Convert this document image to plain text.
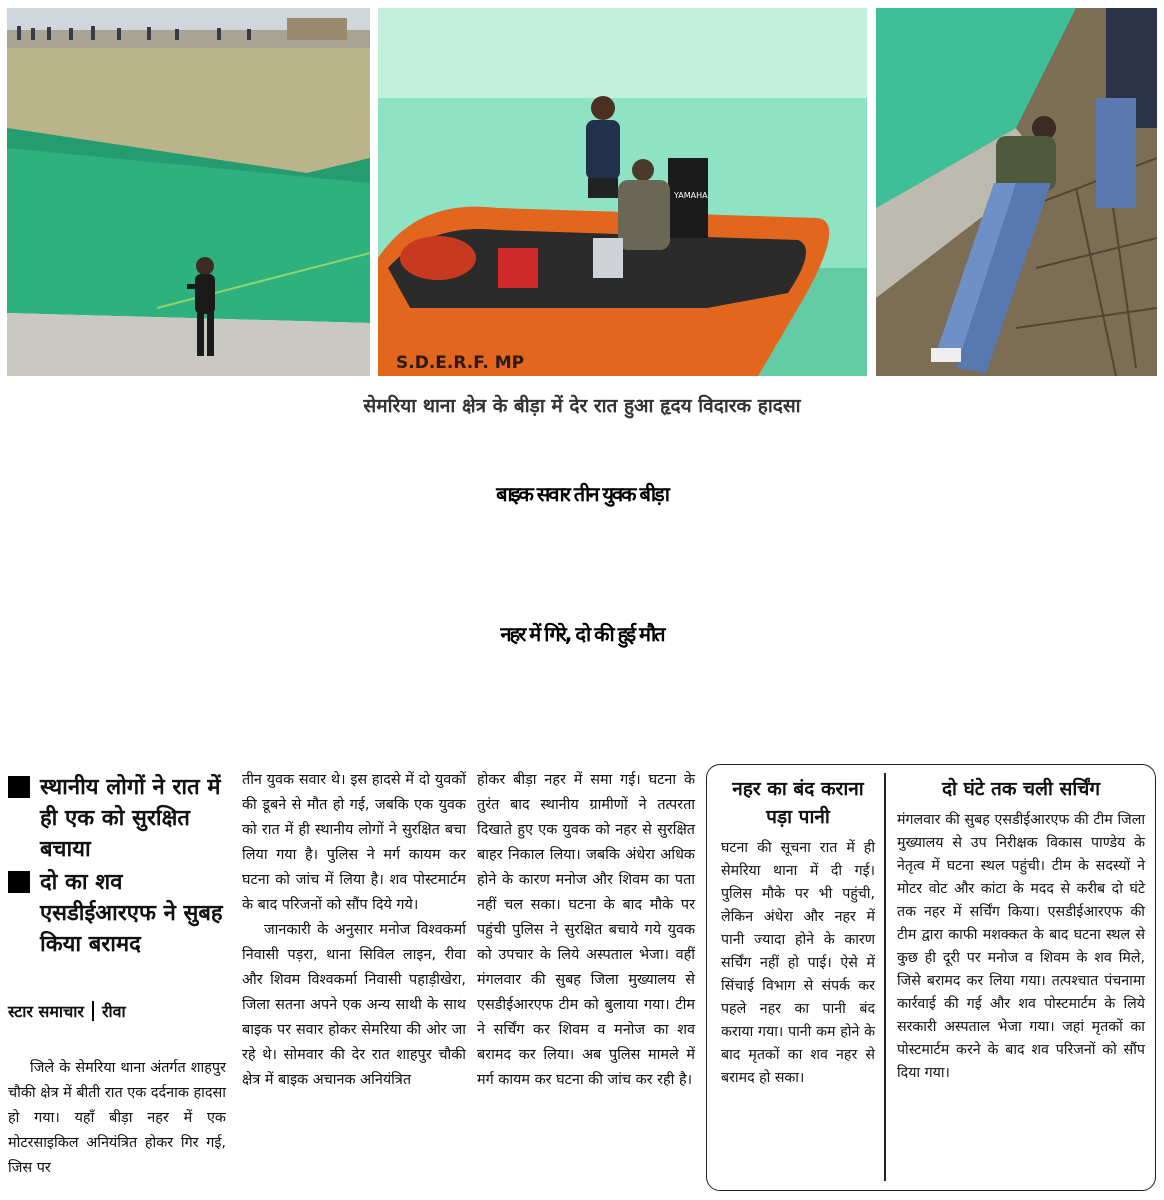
YAMAHA
S.D.E.R.F. MP
सेमरिया थाना क्षेत्र के बीड़ा में देर रात हुआ हृदय विदारक हादसा
बाइक सवार तीन युवक बीड़ा
नहर में गिरे, दो की हुई मौत
स्थानीय लोगों ने रात में ही एक को सुरक्षित बचाया
दो का शव एसडीईआरएफ ने सुबह किया बरामद
स्टार समाचार रीवा

जिले के सेमरिया थाना अंतर्गत शाहपुर चौकी क्षेत्र में बीती रात एक दर्दनाक हादसा हो गया। यहाँ बीड़ा नहर में एक मोटरसाइकिल अनियंत्रित होकर गिर गई, जिस पर

तीन युवक सवार थे। इस हादसे में दो युवकों की डूबने से मौत हो गई, जबकि एक युवक को रात में ही स्थानीय लोगों ने सुरक्षित बचा लिया गया है। पुलिस ने मर्ग कायम कर घटना को जांच में लिया है। शव पोस्टमार्टम के बाद परिजनों को सौंप दिये गये।

जानकारी के अनुसार मनोज विश्वकर्मा निवासी पड़रा, थाना सिविल लाइन, रीवा और शिवम विश्वकर्मा निवासी पहाड़ीखेरा, जिला सतना अपने एक अन्य साथी के साथ बाइक पर सवार होकर सेमरिया की ओर जा रहे थे। सोमवार की देर रात शाहपुर चौकी क्षेत्र में बाइक अचानक अनियंत्रित

होकर बीड़ा नहर में समा गई। घटना के तुरंत बाद स्थानीय ग्रामीणों ने तत्परता दिखाते हुए एक युवक को नहर से सुरक्षित बाहर निकाल लिया। जबकि अंधेरा अधिक होने के कारण मनोज और शिवम का पता नहीं चल सका। घटना के बाद मौके पर पहुंची पुलिस ने सुरक्षित बचाये गये युवक को उपचार के लिये अस्पताल भेजा। वहीं मंगलवार की सुबह जिला मुख्यालय से एसडीईआरएफ टीम को बुलाया गया। टीम ने सर्चिंग कर शिवम व मनोज का शव बरामद कर लिया। अब पुलिस मामले में मर्ग कायम कर घटना की जांच कर रही है।

नहर का बंद कराना पड़ा पानी
घटना की सूचना रात में ही सेमरिया थाना में दी गई। पुलिस मौके पर भी पहुंची, लेकिन अंधेरा और नहर में पानी ज्यादा होने के कारण सर्चिंग नहीं हो पाई। ऐसे में सिंचाई विभाग से संपर्क कर पहले नहर का पानी बंद कराया गया। पानी कम होने के बाद मृतकों का शव नहर से बरामद हो सका।
दो घंटे तक चली सर्चिंग
मंगलवार की सुबह एसडीईआरएफ की टीम जिला मुख्यालय से उप निरीक्षक विकास पाण्डेय के नेतृत्व में घटना स्थल पहुंची। टीम के सदस्यों ने मोटर वोट और कांटा के मदद से करीब दो घंटे तक नहर में सर्चिंग किया। एसडीईआरएफ की टीम द्वारा काफी मशक्कत के बाद घटना स्थल से कुछ ही दूरी पर मनोज व शिवम के शव मिले, जिसे बरामद कर लिया गया। तत्पश्चात पंचनामा कार्रवाई की गई और शव पोस्टमार्टम के लिये सरकारी अस्पताल भेजा गया। जहां मृतकों का पोस्टमार्टम करने के बाद शव परिजनों को सौंप दिया गया।
